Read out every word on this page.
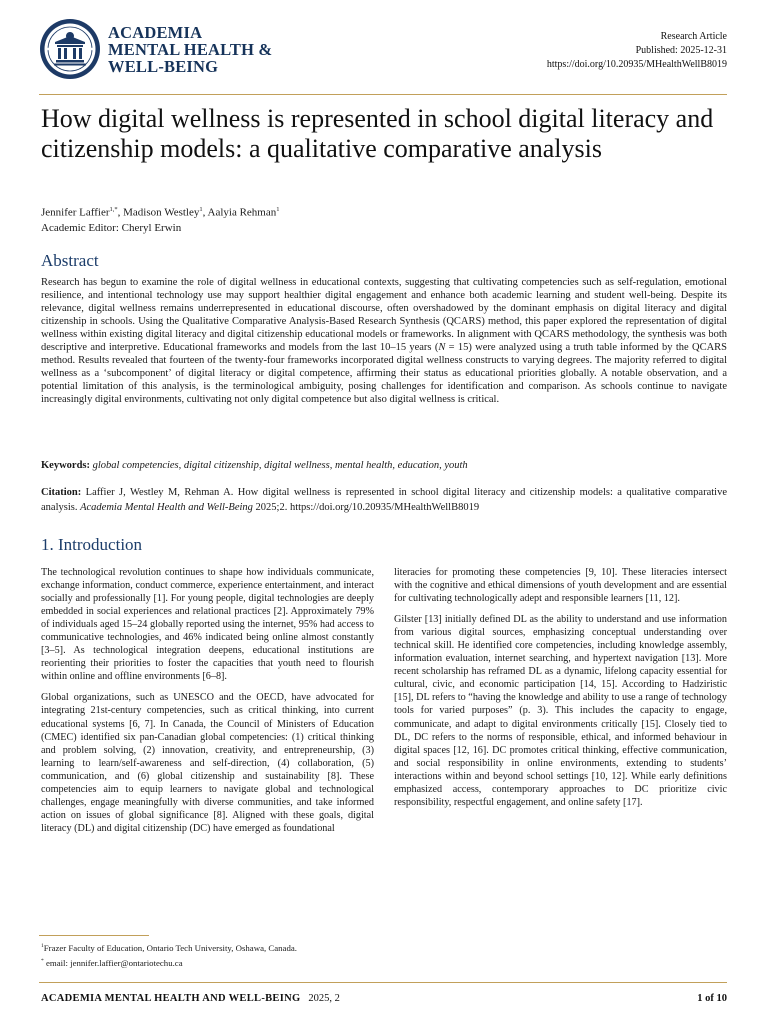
ACADEMIA
MENTAL HEALTH &
WELL-BEING
Research Article
Published: 2025-12-31
https://doi.org/10.20935/MHealthWellB8019
How digital wellness is represented in school digital literacy and citizenship models: a qualitative comparative analysis
Jennifer Laffier$^{1,*}$, Madison Westley$^1$, Aalyia Rehman$^1$
Academic Editor: Cheryl Erwin
Abstract
Research has begun to examine the role of digital wellness in educational contexts, suggesting that cultivating competencies such as self-regulation, emotional resilience, and intentional technology use may support healthier digital engagement and enhance both academic learning and student well-being. Despite its relevance, digital wellness remains underrepresented in educational discourse, often overshadowed by the dominant emphasis on digital literacy and digital citizenship in schools. Using the Qualitative Comparative Analysis-Based Research Synthesis (QCARS) method, this paper explored the representation of digital wellness within existing digital literacy and digital citizenship educational models or frameworks. In alignment with QCARS methodology, the synthesis was both descriptive and interpretive. Educational frameworks and models from the last 10–15 years (N = 15) were analyzed using a truth table informed by the QCARS method. Results revealed that fourteen of the twenty-four frameworks incorporated digital wellness constructs to varying degrees. The majority referred to digital wellness as a ‘subcomponent’ of digital literacy or digital competence, affirming their status as educational priorities globally. A notable observation, and a potential limitation of this analysis, is the terminological ambiguity, posing challenges for identification and comparison. As schools continue to navigate increasingly digital environments, cultivating not only digital competence but also digital wellness is critical.
Keywords: global competencies, digital citizenship, digital wellness, mental health, education, youth
Citation: Laffier J, Westley M, Rehman A. How digital wellness is represented in school digital literacy and citizenship models: a qualitative comparative analysis. Academia Mental Health and Well-Being 2025;2. https://doi.org/10.20935/MHealthWellB8019
1. Introduction

The technological revolution continues to shape how individuals communicate, exchange information, conduct commerce, experience entertainment, and interact socially and professionally [1]. For young people, digital technologies are deeply embedded in social experiences and relational practices [2]. Approximately 79% of individuals aged 15–24 globally reported using the internet, 95% had access to communicative technologies, and 46% indicated being online almost constantly [3–5]. As technological integration deepens, educational institutions are reorienting their priorities to foster the capacities that youth need to flourish within online and offline environments [6–8].

Global organizations, such as UNESCO and the OECD, have advocated for integrating 21st-century competencies, such as critical thinking, into current educational systems [6, 7]. In Canada, the Council of Ministers of Education (CMEC) identified six pan-Canadian global competencies: (1) critical thinking and problem solving, (2) innovation, creativity, and entrepreneurship, (3) learning to learn/self-awareness and self-direction, (4) collaboration, (5) communication, and (6) global citizenship and sustainability [8]. These competencies aim to equip learners to navigate global and technological challenges, engage meaningfully with diverse communities, and take informed action on issues of global significance [8]. Aligned with these goals, digital literacy (DL) and digital citizenship (DC) have emerged as foundational

literacies for promoting these competencies [9, 10]. These literacies intersect with the cognitive and ethical dimensions of youth development and are essential for cultivating technologically adept and responsible learners [11, 12].

Gilster [13] initially defined DL as the ability to understand and use information from various digital sources, emphasizing conceptual understanding over technical skill. He identified core competencies, including knowledge assembly, information evaluation, internet searching, and hypertext navigation [13]. More recent scholarship has reframed DL as a dynamic, lifelong capacity essential for cultural, civic, and economic participation [14, 15]. According to Hadziristic [15], DL refers to “having the knowledge and ability to use a range of technology tools for varied purposes” (p. 3). This includes the capacity to engage, communicate, and adapt to digital environments critically [15]. Closely tied to DL, DC refers to the norms of responsible, ethical, and informed behaviour in digital spaces [12, 16]. DC promotes critical thinking, effective communication, and social responsibility in online environments, extending to students’ interactions within and beyond school settings [10, 12]. While early definitions emphasized access, contemporary approaches to DC prioritize civic responsibility, respectful engagement, and online safety [17].

$^1$Frazer Faculty of Education, Ontario Tech University, Oshawa, Canada.
* email: jennifer.laffier@ontariotechu.ca
ACADEMIA MENTAL HEALTH AND WELL-BEING 2025, 2	1 of 10
